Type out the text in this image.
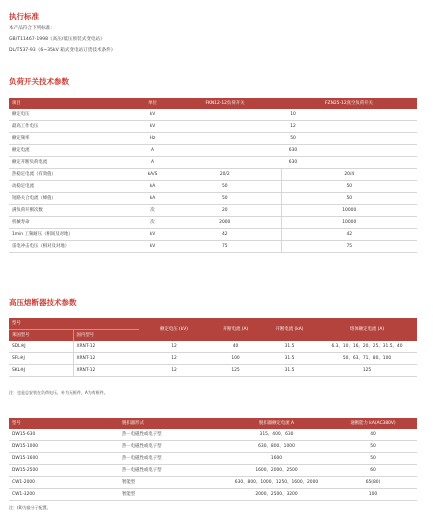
执行标准
本产品符合下列标准：
GB/T11467-1998《高压/低压预装式变电站》
DL/T537-93《6~35kV 箱式变电站订货技术条件》
负荷开关技术参数
项目	单位	FKN12-12负荷开关	FZN25-12真空负荷开关
额定电压	kV	10	
最高工作电压	kV	12	
额定频率	Hz	50	
额定电流	A	630	
额定开断负荷电流	A	630	
热稳定电流（有效值）	kA/S	20/2	20/4
动稳定电流	kA	50	50
短路关合电流（峰值）	kA	50	50
满负荷开断次数	次	20	10000
机械寿命	次	2000	10000
1min 工频耐压（相间及对地）	kV	42	42
雷电冲击电压（相对及对地）	kV	75	75
高压熔断器技术参数
型号		额定电压 (kV)	开断电流 (A)	开断电流 (kA)	熔体额定电流 (A)
莱国型号	国内型号				
SDL※J	XRNT-12	12	40	31.5	6.3、10、16、20、25、31.5、40
SFL※J	XRNT-12	12	100	31.5	50、63、71、80、100
SKL※J	XRNT-12	12	125	31.5	125
注：也是总安装在负荷电压，补为无框件，A为有框件。
型号	脱扣器形式	脱扣器额定电流 A	通断能力 kA(AC380V)
DW15-630	热－电磁性或电子型	315、400、630	40
DW15-1000	热－电磁性或电子型	630、800、1000	50
DW15-1600	热－电磁性或电子型	1600	50
DW15-2500	热－电磁性或电子型	1600、2000、2500	60
CW1-2000	智能型	630、800、1000、1250、1600、2000	65(80)
CW1-3200	智能型	2000、2500、3200	100
注：(8)为最分子配置。
